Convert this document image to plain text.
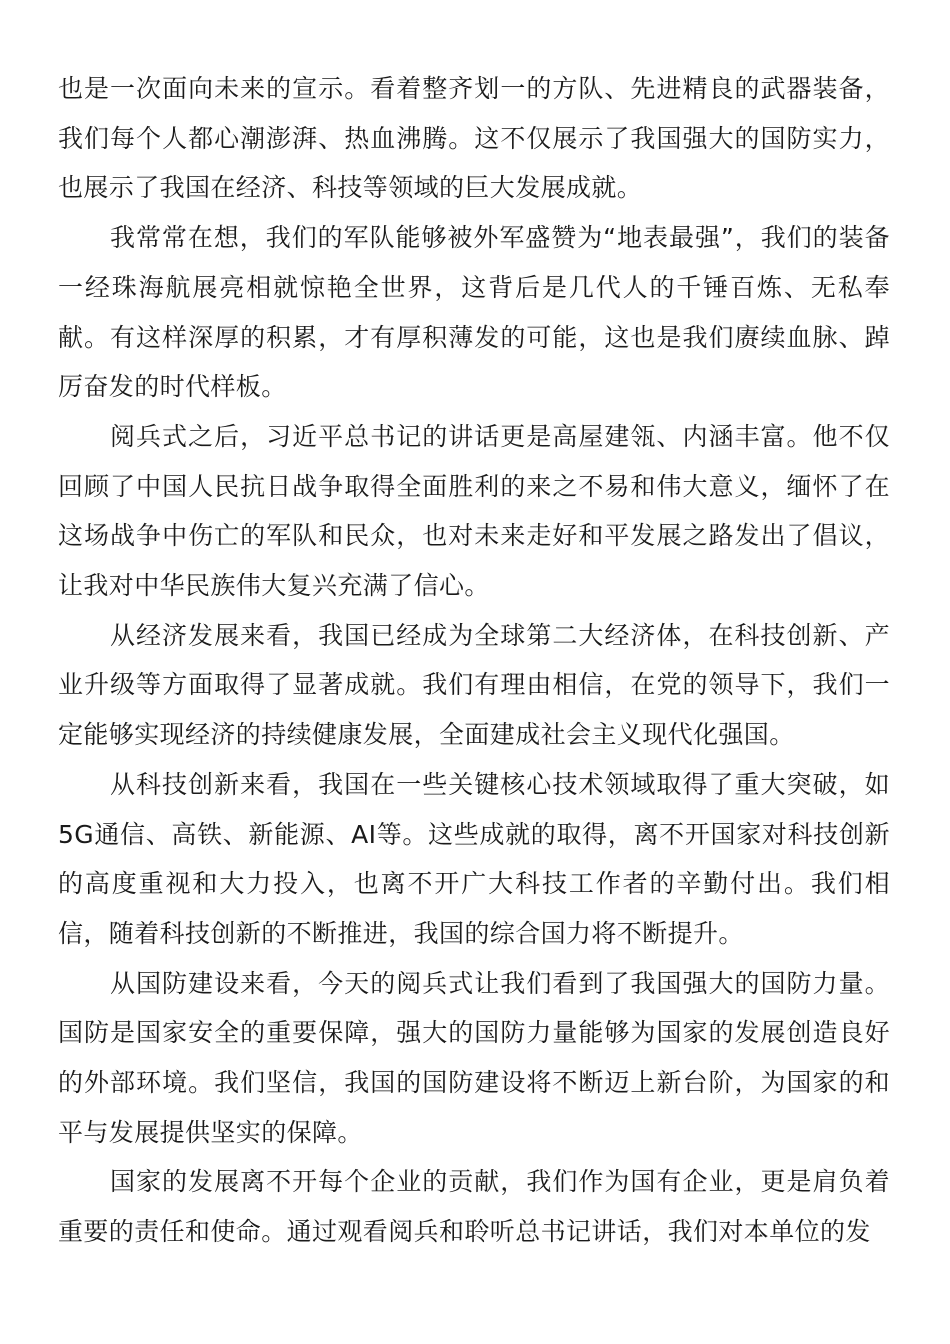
也是一次面向未来的宣示。看着整齐划一的方队、先进精良的武器装备，我们每个人都心潮澎湃、热血沸腾。这不仅展示了我国强大的国防实力，也展示了我国在经济、科技等领域的巨大发展成就。

我常常在想，我们的军队能够被外军盛赞为“地表最强”，我们的装备一经珠海航展亮相就惊艳全世界，这背后是几代人的千锤百炼、无私奉献。有这样深厚的积累，才有厚积薄发的可能，这也是我们赓续血脉、踔厉奋发的时代样板。

阅兵式之后，习近平总书记的讲话更是高屋建瓴、内涵丰富。他不仅回顾了中国人民抗日战争取得全面胜利的来之不易和伟大意义，缅怀了在这场战争中伤亡的军队和民众，也对未来走好和平发展之路发出了倡议，让我对中华民族伟大复兴充满了信心。

从经济发展来看，我国已经成为全球第二大经济体，在科技创新、产业升级等方面取得了显著成就。我们有理由相信，在党的领导下，我们一定能够实现经济的持续健康发展，全面建成社会主义现代化强国。

从科技创新来看，我国在一些关键核心技术领域取得了重大突破，如5G通信、高铁、新能源、AI等。这些成就的取得，离不开国家对科技创新的高度重视和大力投入，也离不开广大科技工作者的辛勤付出。我们相信，随着科技创新的不断推进，我国的综合国力将不断提升。

从国防建设来看，今天的阅兵式让我们看到了我国强大的国防力量。国防是国家安全的重要保障，强大的国防力量能够为国家的发展创造良好的外部环境。我们坚信，我国的国防建设将不断迈上新台阶，为国家的和平与发展提供坚实的保障。

国家的发展离不开每个企业的贡献，我们作为国有企业，更是肩负着重要的责任和使命。通过观看阅兵和聆听总书记讲话，我们对本单位的发
